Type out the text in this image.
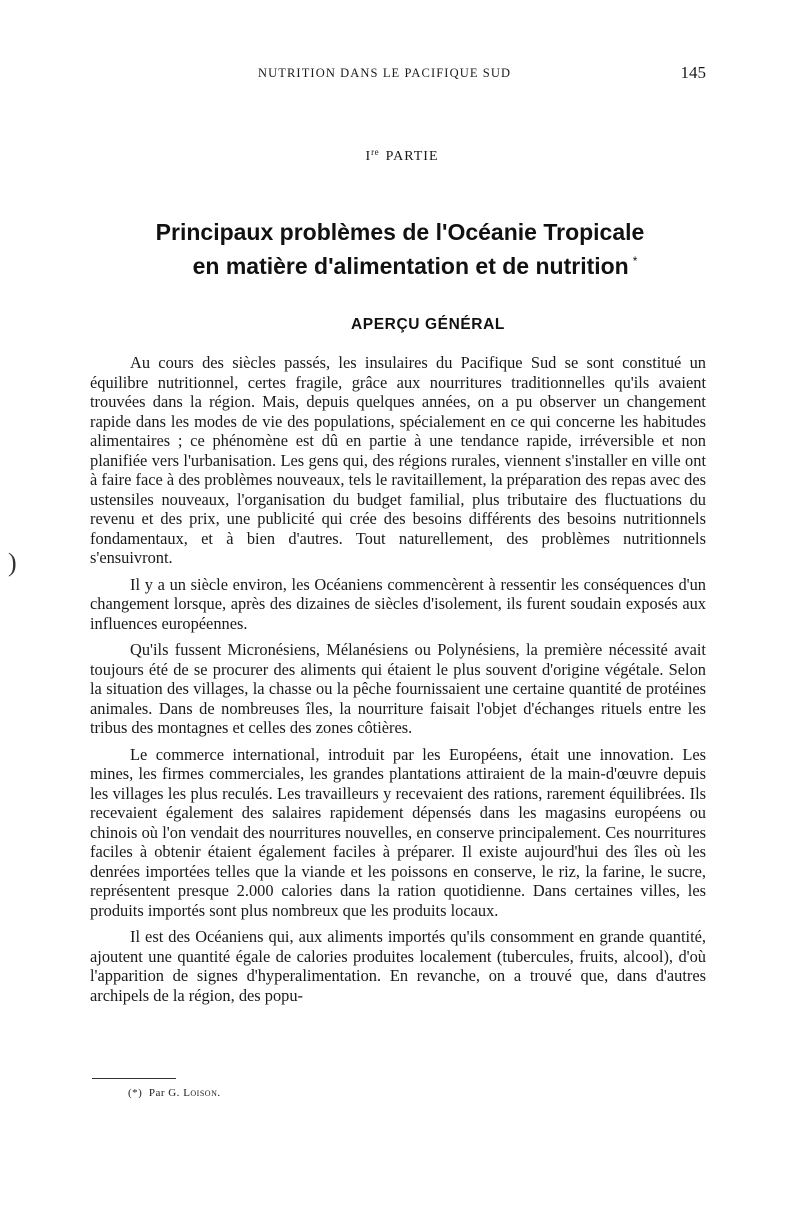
NUTRITION DANS LE PACIFIQUE SUD	145
Ire PARTIE
Principaux problèmes de l'Océanie Tropicale
en matière d'alimentation et de nutrition *
APERÇU GÉNÉRAL

Au cours des siècles passés, les insulaires du Pacifique Sud se sont constitué un équilibre nutritionnel, certes fragile, grâce aux nourritures traditionnelles qu'ils avaient trouvées dans la région. Mais, depuis quelques années, on a pu observer un changement rapide dans les modes de vie des populations, spécialement en ce qui concerne les habitudes alimentaires ; ce phénomène est dû en partie à une tendance rapide, irréversible et non planifiée vers l'urbanisation. Les gens qui, des régions rurales, viennent s'installer en ville ont à faire face à des problèmes nouveaux, tels le ravitaillement, la préparation des repas avec des ustensiles nouveaux, l'organisation du budget familial, plus tributaire des fluctuations du revenu et des prix, une publicité qui crée des besoins différents des besoins nutritionnels fondamentaux, et à bien d'autres. Tout naturellement, des problèmes nutritionnels s'ensuivront.

Il y a un siècle environ, les Océaniens commencèrent à ressentir les conséquences d'un changement lorsque, après des dizaines de siècles d'isolement, ils furent soudain exposés aux influences européennes.

Qu'ils fussent Micronésiens, Mélanésiens ou Polynésiens, la première nécessité avait toujours été de se procurer des aliments qui étaient le plus souvent d'origine végétale. Selon la situation des villages, la chasse ou la pêche fournissaient une certaine quantité de protéines animales. Dans de nombreuses îles, la nourriture faisait l'objet d'échanges rituels entre les tribus des montagnes et celles des zones côtières.

Le commerce international, introduit par les Européens, était une innovation. Les mines, les firmes commerciales, les grandes plantations attiraient de la main-d'œuvre depuis les villages les plus reculés. Les travailleurs y recevaient des rations, rarement équilibrées. Ils recevaient également des salaires rapidement dépensés dans les magasins européens ou chinois où l'on vendait des nourritures nouvelles, en conserve principalement. Ces nourritures faciles à obtenir étaient également faciles à préparer. Il existe aujourd'hui des îles où les denrées importées telles que la viande et les poissons en conserve, le riz, la farine, le sucre, représentent presque 2.000 calories dans la ration quotidienne. Dans certaines villes, les produits importés sont plus nombreux que les produits locaux.

Il est des Océaniens qui, aux aliments importés qu'ils consomment en grande quantité, ajoutent une quantité égale de calories produites localement (tubercules, fruits, alcool), d'où l'apparition de signes d'hyperalimentation. En revanche, on a trouvé que, dans d'autres archipels de la région, des popu-

(*) Par G. Loison.
)
